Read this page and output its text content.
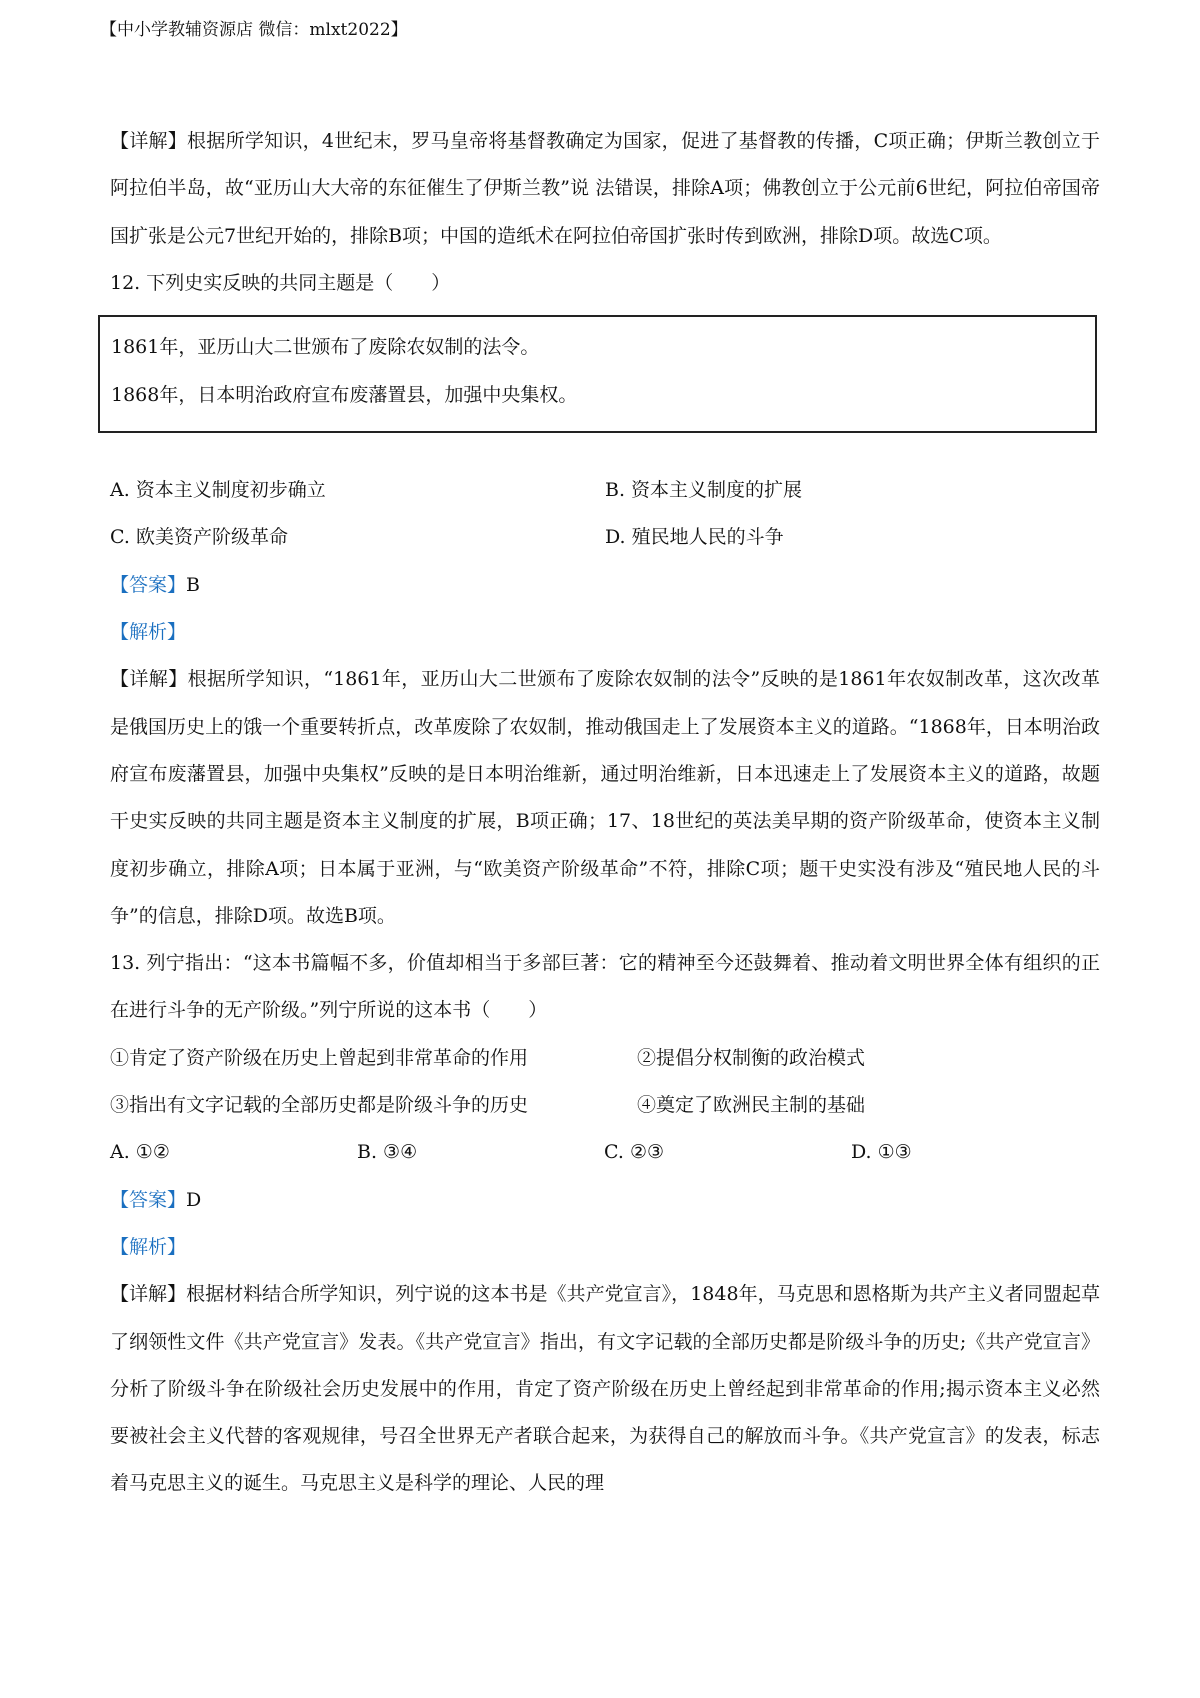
【中小学教辅资源店 微信：mlxt2022】

【详解】根据所学知识，4世纪末，罗马皇帝将基督教确定为国家，促进了基督教的传播，C项正确；伊斯兰教创立于阿拉伯半岛，故“亚历山大大帝的东征催生了伊斯兰教”说 法错误，排除A项；佛教创立于公元前6世纪，阿拉伯帝国帝国扩张是公元7世纪开始的，排除B项；中国的造纸术在阿拉伯帝国扩张时传到欧洲，排除D项。故选C项。

12. 下列史实反映的共同主题是（　　）

1861年，亚历山大二世颁布了废除农奴制的法令。

1868年，日本明治政府宣布废藩置县，加强中央集权。

A. 资本主义制度初步确立	B. 资本主义制度的扩展

C. 欧美资产阶级革命	D. 殖民地人民的斗争

【答案】B

【解析】

【详解】根据所学知识，“1861年，亚历山大二世颁布了废除农奴制的法令”反映的是1861年农奴制改革，这次改革是俄国历史上的饿一个重要转折点，改革废除了农奴制，推动俄国走上了发展资本主义的道路。“1868年，日本明治政府宣布废藩置县，加强中央集权”反映的是日本明治维新，通过明治维新，日本迅速走上了发展资本主义的道路，故题干史实反映的共同主题是资本主义制度的扩展，B项正确；17、18世纪的英法美早期的资产阶级革命，使资本主义制度初步确立，排除A项；日本属于亚洲，与“欧美资产阶级革命”不符，排除C项；题干史实没有涉及“殖民地人民的斗争”的信息，排除D项。故选B项。

13. 列宁指出：“这本书篇幅不多，价值却相当于多部巨著：它的精神至今还鼓舞着、推动着文明世界全体有组织的正在进行斗争的无产阶级。”列宁所说的这本书（　　）

①肯定了资产阶级在历史上曾起到非常革命的作用	②提倡分权制衡的政治模式

③指出有文字记载的全部历史都是阶级斗争的历史	④奠定了欧洲民主制的基础

A. ①②	B. ③④	C. ②③	D. ①③

【答案】D

【解析】

【详解】根据材料结合所学知识，列宁说的这本书是《共产党宣言》，1848年，马克思和恩格斯为共产主义者同盟起草了纲领性文件《共产党宣言》发表。《共产党宣言》指出，有文字记载的全部历史都是阶级斗争的历史;《共产党宣言》分析了阶级斗争在阶级社会历史发展中的作用，肯定了资产阶级在历史上曾经起到非常革命的作用;揭示资本主义必然要被社会主义代替的客观规律，号召全世界无产者联合起来，为获得自己的解放而斗争。《共产党宣言》的发表，标志着马克思主义的诞生。马克思主义是科学的理论、人民的理
